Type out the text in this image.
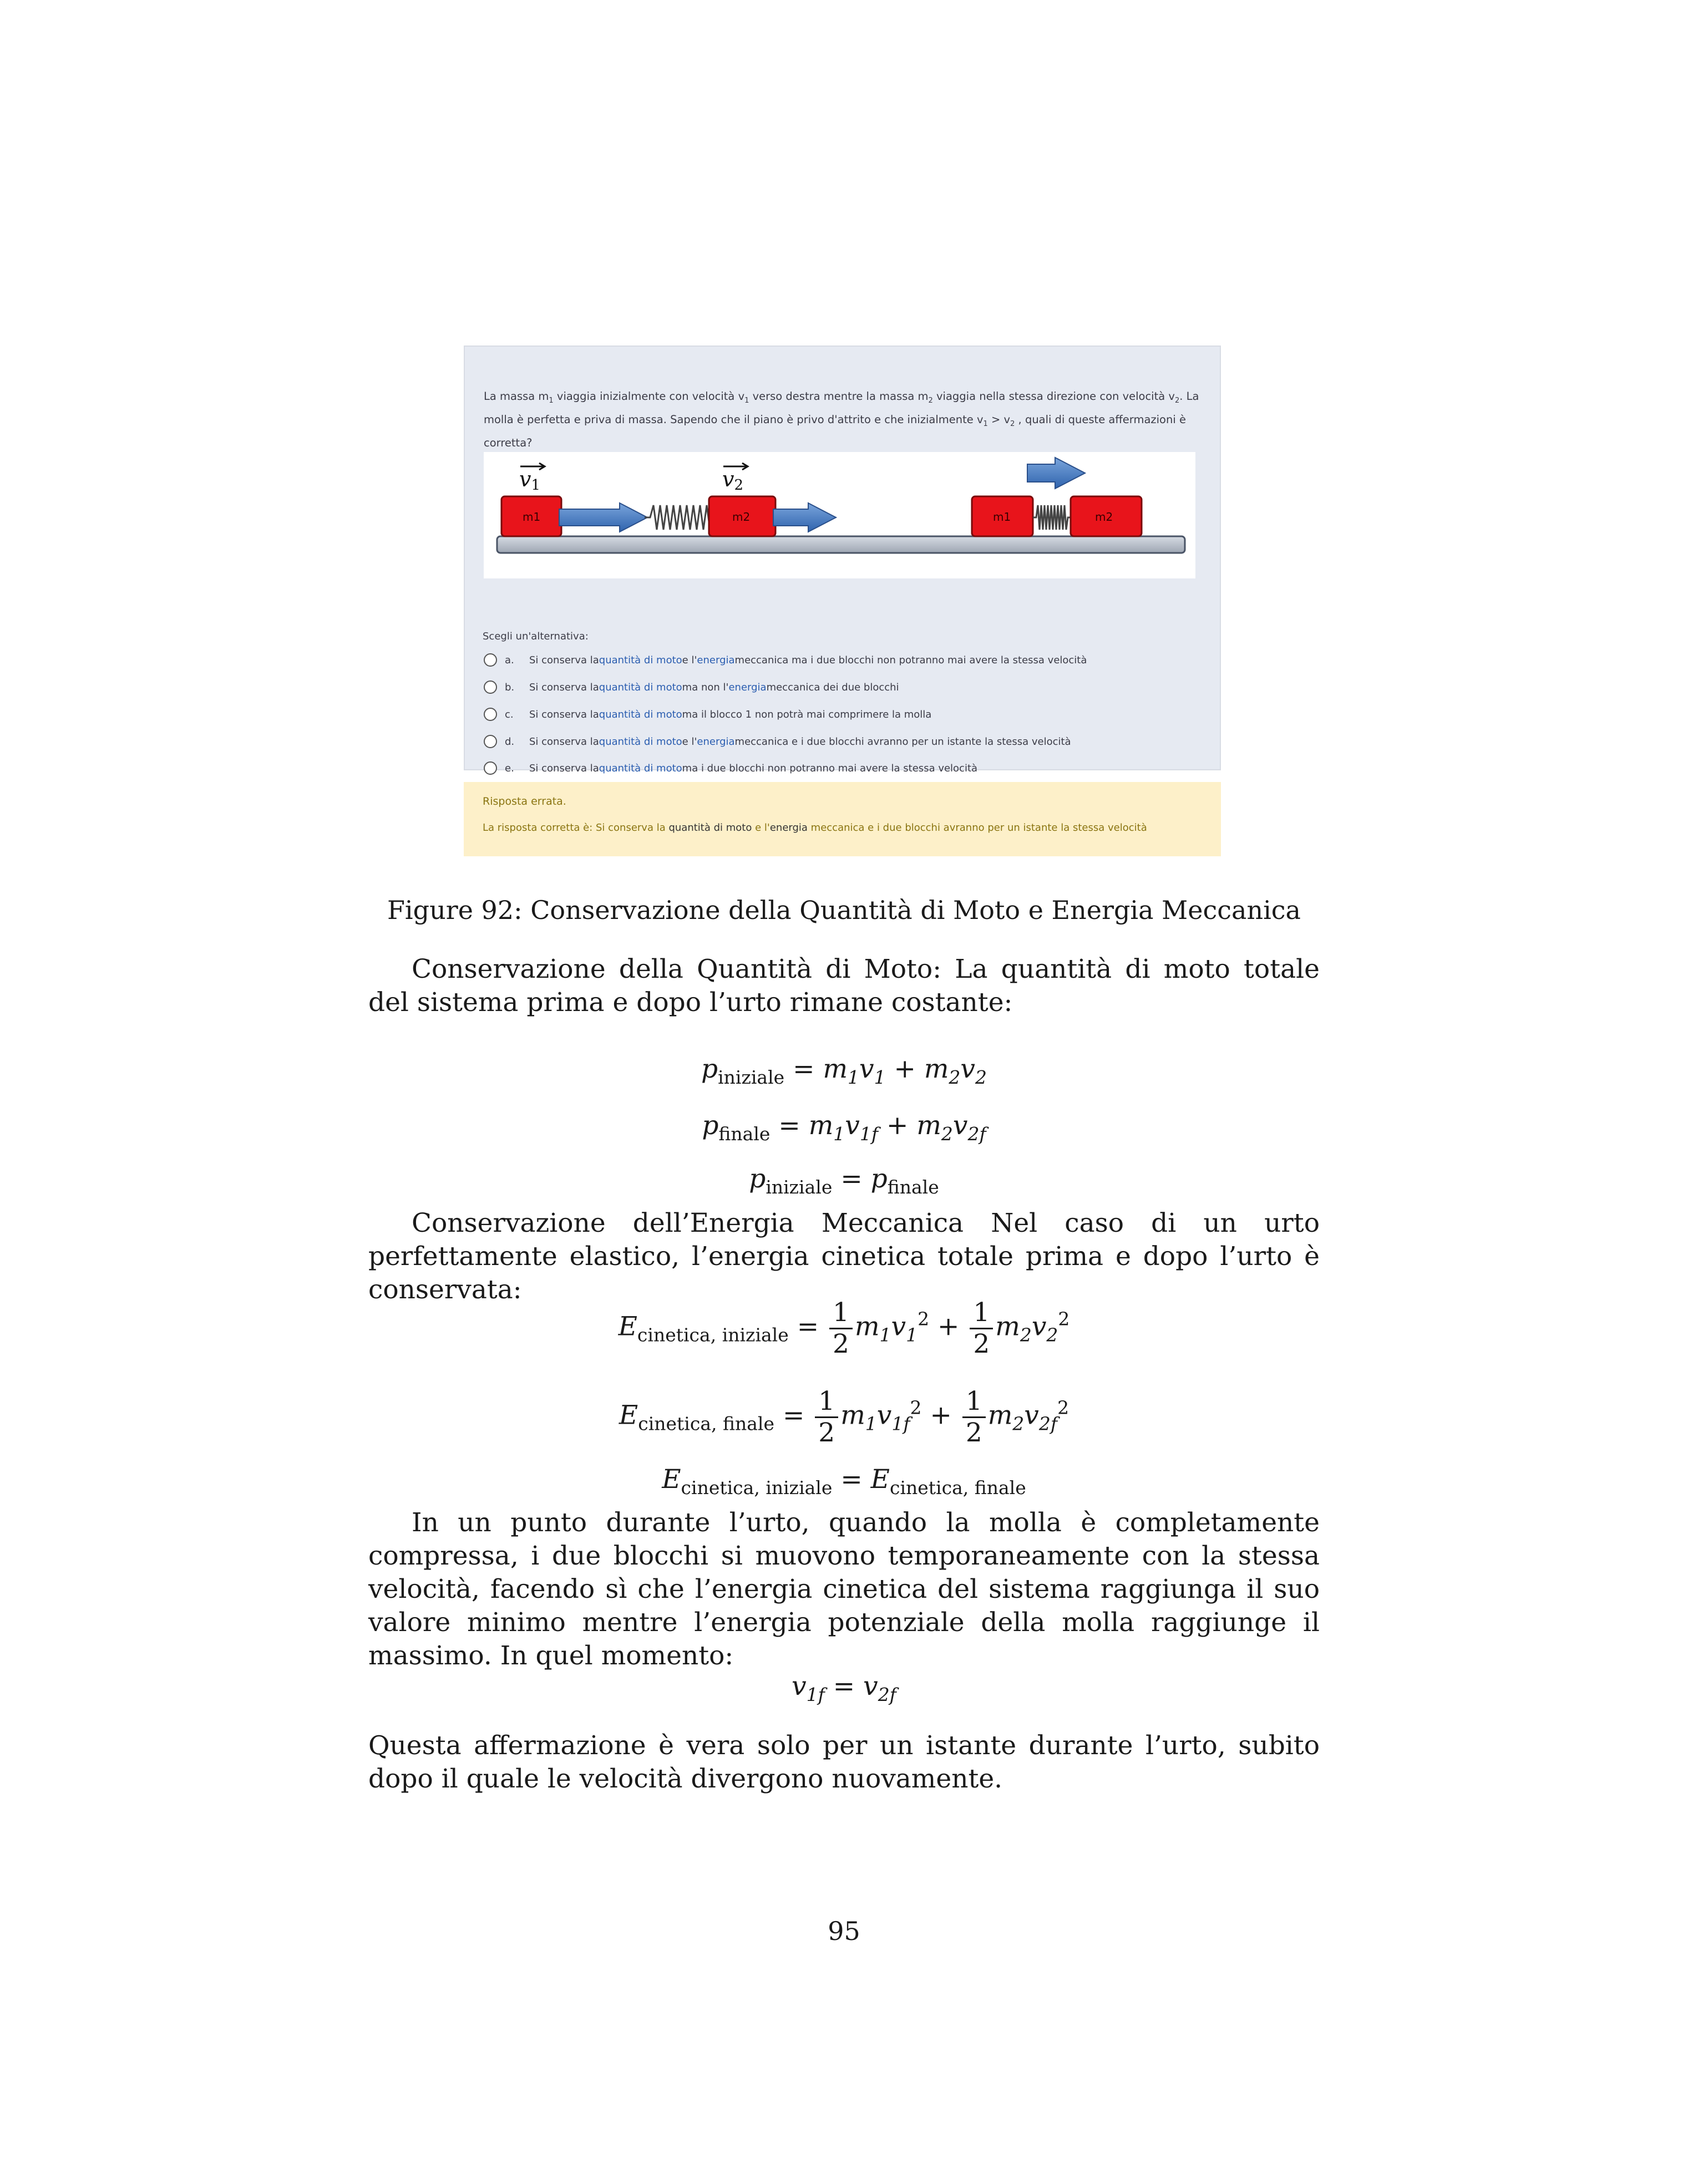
La massa $m_1$ viaggia inizialmente con velocità $v_1$ verso destra mentre la massa $m_2$ viaggia nella stessa direzione con velocità $v_2$. La molla è perfetta e priva di massa. Sapendo che il piano è privo d'attrito e che inizialmente $v_1 > v_2$ , quali di queste affermazioni è corretta?
v1	v2
m1	m2	m1	m2
Scegli un'alternativa:
a.	Si conserva la quantità di moto e l' energia meccanica ma i due blocchi non potranno mai avere la stessa velocità
b.	Si conserva la quantità di moto ma non l' energia meccanica dei due blocchi
c.	Si conserva la quantità di moto ma il blocco 1 non potrà mai comprimere la molla
d.	Si conserva la quantità di moto e l' energia meccanica e i due blocchi avranno per un istante la stessa velocità
e.	Si conserva la quantità di moto ma i due blocchi non potranno mai avere la stessa velocità
Risposta errata.
La risposta corretta è: Si conserva la quantità di moto e l'energia meccanica e i due blocchi avranno per un istante la stessa velocità
Figure 92: Conservazione della Quantità di Moto e Energia Meccanica

Conservazione della Quantità di Moto: La quantità di moto totale del sistema prima e dopo l’urto rimane costante:

$p_{iniziale} = m_1v_1 + m_2v_2$
$p_{finale} = m_1v_{1f} + m_2v_{2f}$
$p_{iniziale} = p_{finale}$

Conservazione dell’Energia Meccanica Nel caso di un urto perfettamente elastico, l’energia cinetica totale prima e dopo l’urto è conservata:

$E_{cinetica, iniziale} = \frac{1}{2} m_1v_1^2 + \frac{1}{2} m_2v_2^2$
$E_{cinetica, finale} = \frac{1}{2} m_1v_{1f}^2 + \frac{1}{2} m_2v_{2f}^2$
$E_{cinetica, iniziale} = E_{cinetica, finale}$

In un punto durante l’urto, quando la molla è completamente compressa, i due blocchi si muovono temporaneamente con la stessa velocità, facendo sì che l’energia cinetica del sistema raggiunga il suo valore minimo mentre l’energia potenziale della molla raggiunge il massimo. In quel momento:

$v_{1f} = v_{2f}$

Questa affermazione è vera solo per un istante durante l’urto, subito dopo il quale le velocità divergono nuovamente.

95
